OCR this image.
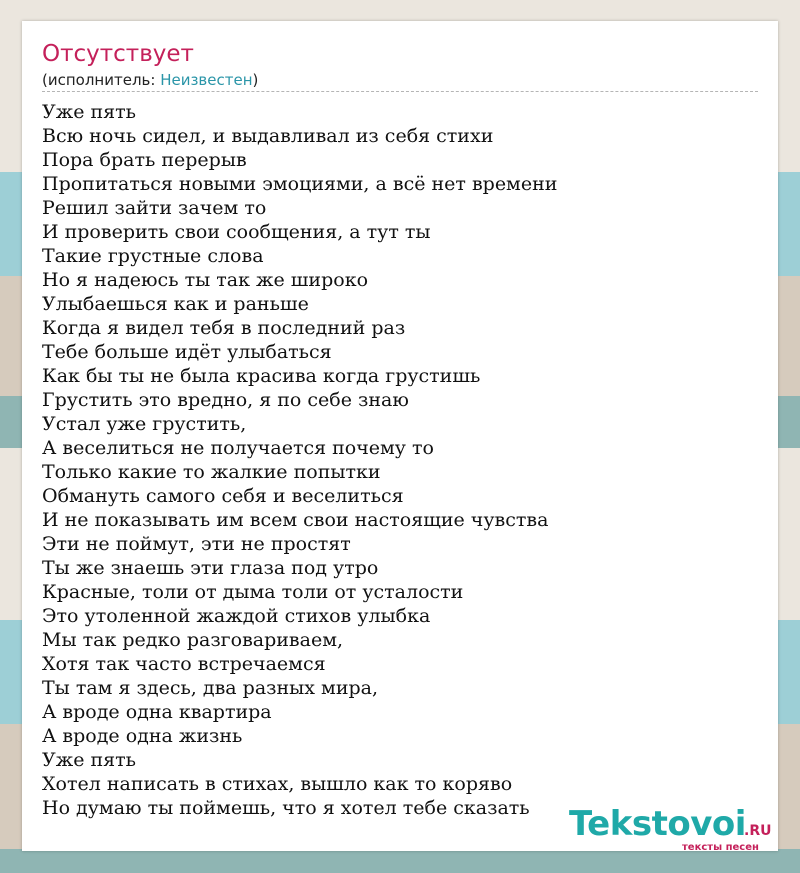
Отсутствует
(исполнитель: Неизвестен)
Уже пять
Всю ночь сидел, и выдавливал из себя стихи
Пора брать перерыв
Пропитаться новыми эмоциями, а всё нет времени
Решил зайти зачем то
И проверить свои сообщения, а тут ты
Такие грустные слова
Но я надеюсь ты так же широко
Улыбаешься как и раньше
Когда я видел тебя в последний раз
Тебе больше идёт улыбаться
Как бы ты не была красива когда грустишь
Грустить это вредно, я по себе знаю
Устал уже грустить,
А веселиться не получается почему то
Только какие то жалкие попытки
Обмануть самого себя и веселиться
И не показывать им всем свои настоящие чувства
Эти не поймут, эти не простят
Ты же знаешь эти глаза под утро
Красные, толи от дыма толи от усталости
Это утоленной жаждой стихов улыбка
Мы так редко разговариваем,
Хотя так часто встречаемся
Ты там я здесь, два разных мира,
А вроде одна квартира
А вроде одна жизнь
Уже пять
Хотел написать в стихах, вышло как то коряво
Но думаю ты поймешь, что я хотел тебе сказать	Tekstovoi
.RU
тексты песен
